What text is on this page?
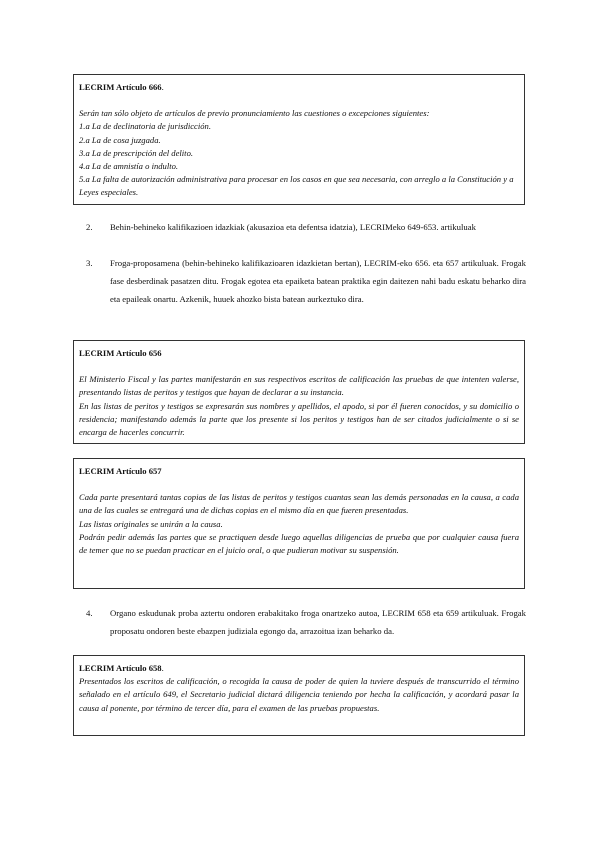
LECRIM Artículo 666.

Serán tan sólo objeto de artículos de previo pronunciamiento las cuestiones o excepciones siguientes:

1.a La de declinatoria de jurisdicción.

2.a La de cosa juzgada.

3.a La de prescripción del delito.

4.a La de amnistía o indulto.

5.a La falta de autorización administrativa para procesar en los casos en que sea necesaria, con arreglo a la Constitución y a Leyes especiales.

2.	Behin-behineko kalifikazioen idazkiak (akusazioa eta defentsa idatzia), LECRIMeko 649-653. artikuluak
3.	Froga-proposamena (behin-behineko kalifikazioaren idazkietan bertan), LECRIM-eko 656. eta 657 artikuluak. Frogak fase desberdinak pasatzen ditu. Frogak egotea eta epaiketa batean praktika egin daitezen nahi badu eskatu beharko dira eta epaileak onartu. Azkenik, huuek ahozko bista batean aurkeztuko dira.

LECRIM Artículo 656

El Ministerio Fiscal y las partes manifestarán en sus respectivos escritos de calificación las pruebas de que intenten valerse, presentando listas de peritos y testigos que hayan de declarar a su instancia.

En las listas de peritos y testigos se expresarán sus nombres y apellidos, el apodo, si por él fueren conocidos, y su domicilio o residencia; manifestando además la parte que los presente si los peritos y testigos han de ser citados judicialmente o si se encarga de hacerles concurrir.

LECRIM Artículo 657

Cada parte presentará tantas copias de las listas de peritos y testigos cuantas sean las demás personadas en la causa, a cada una de las cuales se entregará una de dichas copias en el mismo día en que fueren presentadas.

Las listas originales se unirán a la causa.

Podrán pedir además las partes que se practiquen desde luego aquellas diligencias de prueba que por cualquier causa fuera de temer que no se puedan practicar en el juicio oral, o que pudieran motivar su suspensión.

4.	Organo eskudunak proba aztertu ondoren erabakitako froga onartzeko autoa, LECRIM 658 eta 659 artikuluak. Frogak proposatu ondoren beste ebazpen judiziala egongo da, arrazoitua izan beharko da.

LECRIM Artículo 658.

Presentados los escritos de calificación, o recogida la causa de poder de quien la tuviere después de transcurrido el término señalado en el artículo 649, el Secretario judicial dictará diligencia teniendo por hecha la calificación, y acordará pasar la causa al ponente, por término de tercer día, para el examen de las pruebas propuestas.
